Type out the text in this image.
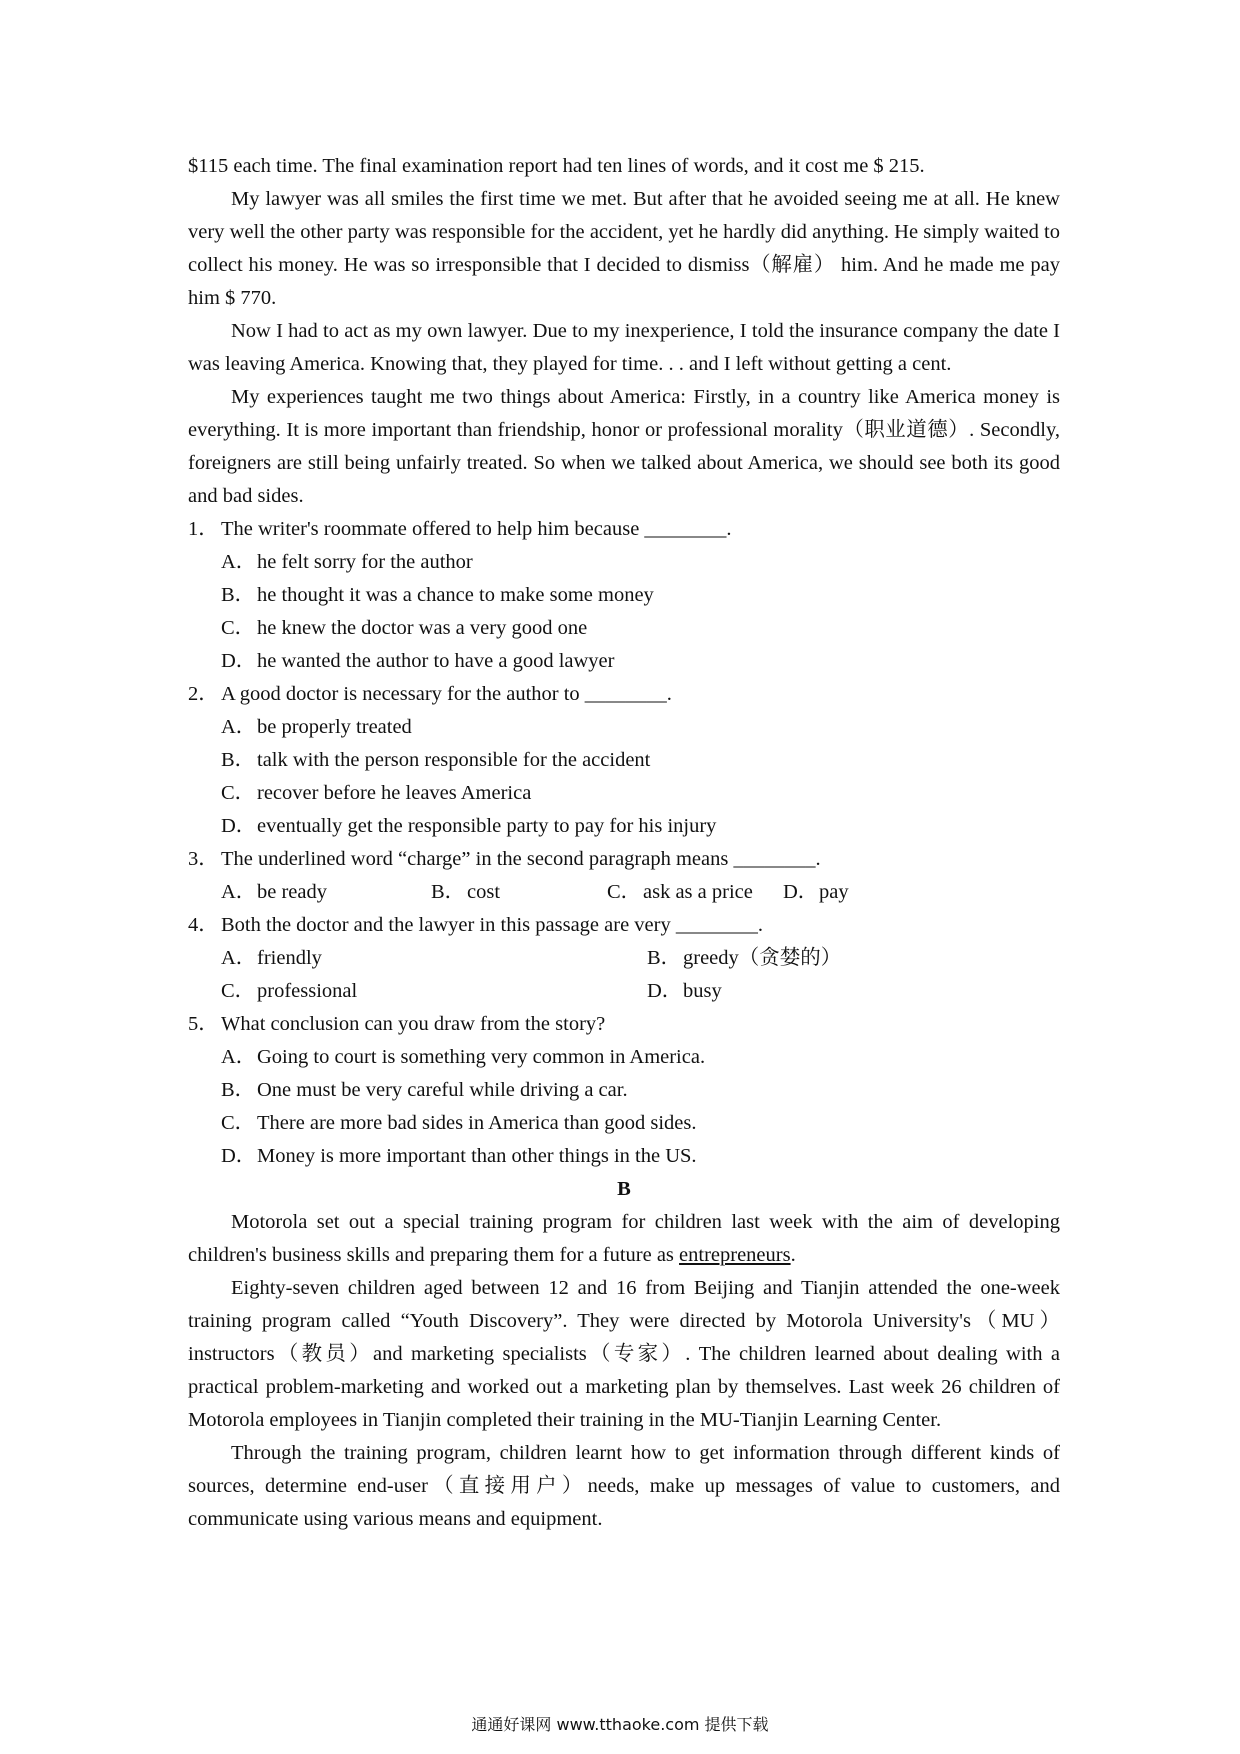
$115 each time. The final examination report had ten lines of words, and it cost me $ 215.

My lawyer was all smiles the first time we met. But after that he avoided seeing me at all. He knew very well the other party was responsible for the accident, yet he hardly did anything. He simply waited to collect his money. He was so irresponsible that I decided to dismiss（解雇） him. And he made me pay him $ 770.

Now I had to act as my own lawyer. Due to my inexperience, I told the insurance company the date I was leaving America. Knowing that, they played for time. . . and I left without getting a cent.

My experiences taught me two things about America: Firstly, in a country like America money is everything. It is more important than friendship, honor or professional morality（职业道德）. Secondly, foreigners are still being unfairly treated. So when we talked about America, we should see both its good and bad sides.

1． The writer's roommate offered to help him because ________.

A．he felt sorry for the author

B．he thought it was a chance to make some money

C．he knew the doctor was a very good one

D．he wanted the author to have a good lawyer

2． A good doctor is necessary for the author to ________.

A．be properly treated

B．talk with the person responsible for the accident

C．recover before he leaves America

D．eventually get the responsible party to pay for his injury

3． The underlined word “charge” in the second paragraph means ________.

A．be ready	B．cost	C．ask as a price	D．pay

4． Both the doctor and the lawyer in this passage are very ________.

A．friendly	B．greedy（贪婪的）
C．professional	D．busy

5． What conclusion can you draw from the story?

A．Going to court is something very common in America.

B．One must be very careful while driving a car.

C．There are more bad sides in America than good sides.

D．Money is more important than other things in the US.

B

Motorola set out a special training program for children last week with the aim of developing children's business skills and preparing them for a future as entrepreneurs.

Eighty-seven children aged between 12 and 16 from Beijing and Tianjin attended the one-week training program called “Youth Discovery”. They were directed by Motorola University's（MU）instructors（教员）and marketing specialists（专家）. The children learned about dealing with a practical problem-marketing and worked out a marketing plan by themselves. Last week 26 children of Motorola employees in Tianjin completed their training in the MU-Tianjin Learning Center.

Through the training program, children learnt how to get information through different kinds of sources, determine end-user（直接用户）needs, make up messages of value to customers, and communicate using various means and equipment.

通通好课网 www.tthaoke.com 提供下载
